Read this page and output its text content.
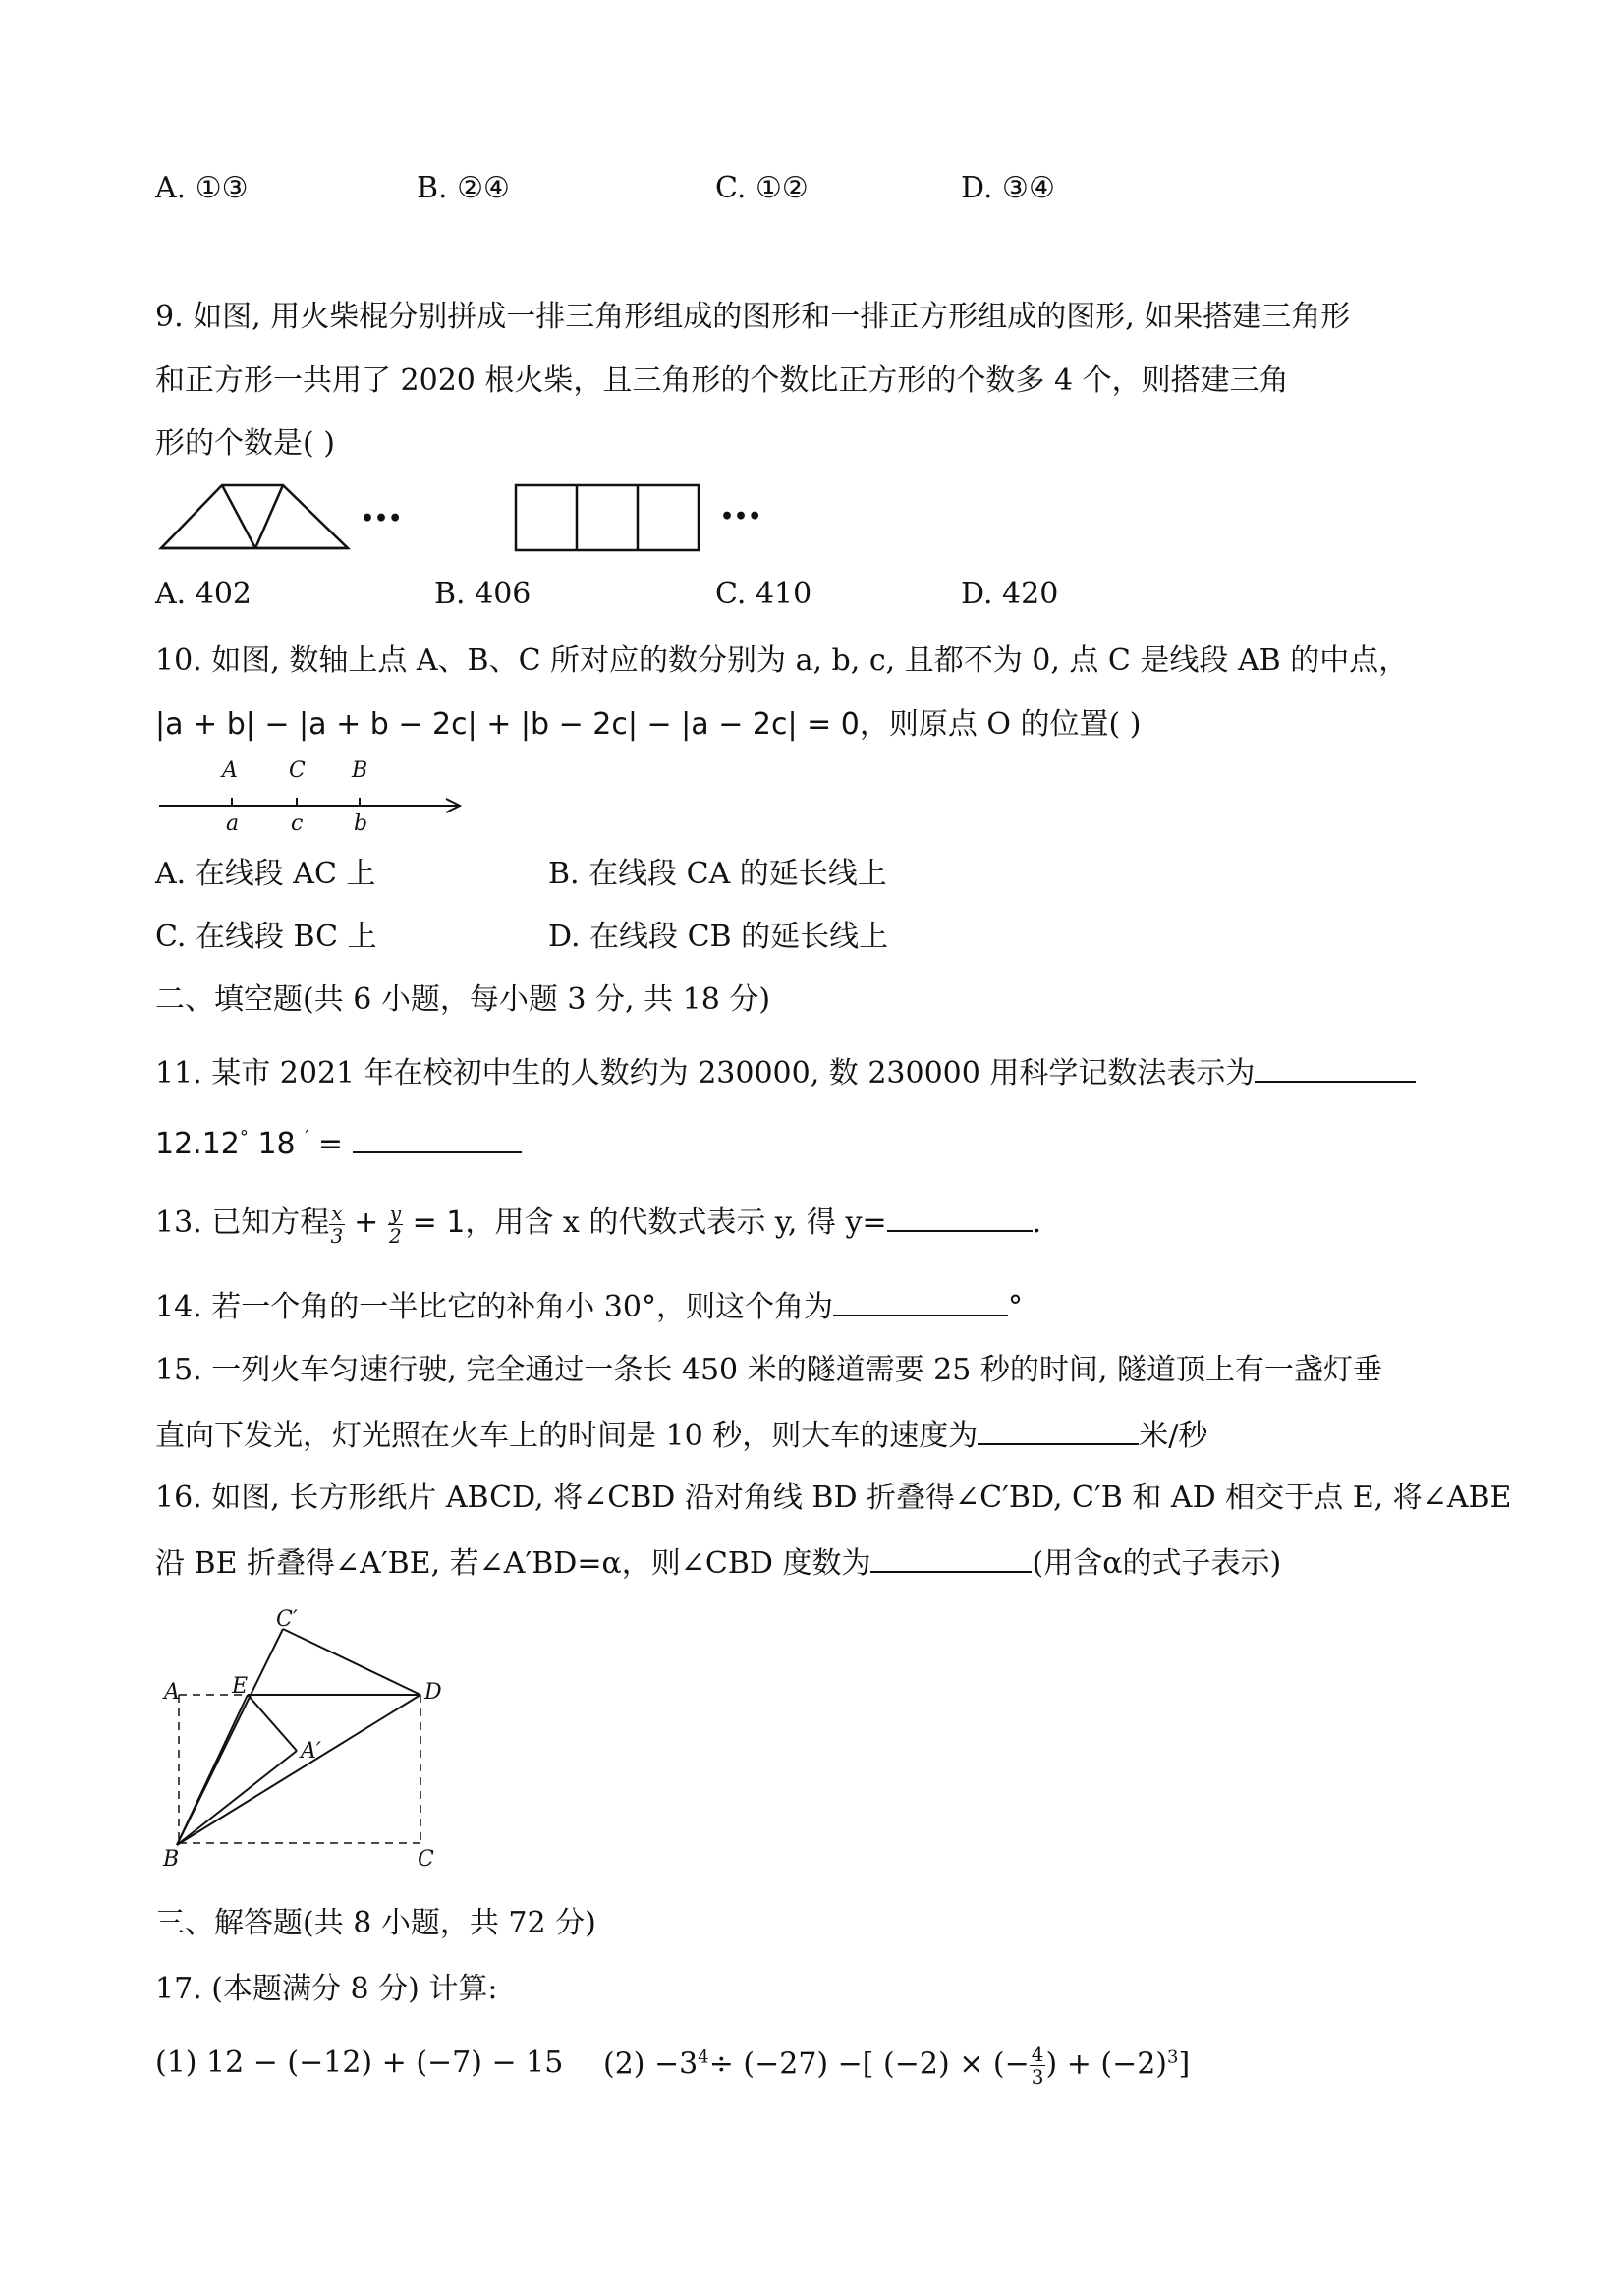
A. ①③	B. ②④	C. ①②	D. ③④
9. 如图, 用火柴棍分别拼成一排三角形组成的图形和一排正方形组成的图形, 如果搭建三角形
和正方形一共用了 2020 根火柴，且三角形的个数比正方形的个数多 4 个，则搭建三角
形的个数是( )
•••	•••
A. 402	B. 406	C. 410	D. 420
10. 如图, 数轴上点 A、B、C 所对应的数分别为 a, b, c, 且都不为 0, 点 C 是线段 AB 的中点，
|a + b| − |a + b − 2c| + |b − 2c| − |a − 2c| = 0，则原点 O 的位置( )
A C B
a c b
A. 在线段 AC 上	B. 在线段 CA 的延长线上
C. 在线段 BC 上	D. 在线段 CB 的延长线上
二、填空题(共 6 小题，每小题 3 分, 共 18 分)
11. 某市 2021 年在校初中生的人数约为 230000, 数 230000 用科学记数法表示为
12.12° 18 ′ =
13. 已知方程 $\frac{x}{3} + \frac{y}{2} = 1$，用含 x 的代数式表示 y, 得 y=	.
14. 若一个角的一半比它的补角小 30°，则这个角为	°
15. 一列火车匀速行驶, 完全通过一条长 450 米的隧道需要 25 秒的时间, 隧道顶上有一盏灯垂
直向下发光，灯光照在火车上的时间是 10 秒，则大车的速度为	米/秒
16. 如图, 长方形纸片 ABCD, 将∠CBD 沿对角线 BD 折叠得∠C′BD, C′B 和 AD 相交于点 E, 将∠ABE
沿 BE 折叠得∠A′BE, 若∠A′BD=α，则∠CBD 度数为	(用含α的式子表示)
A E	D
C′
A′
B	C
三、解答题(共 8 小题，共 72 分)
17. (本题满分 8 分) 计算:
(1) 12 − (−12) + (−7) − 15 $(2) -3^4\div (-27)$ −[ (−2) × (− $\frac{4}{3}$ ) + $(-2)^3$]
